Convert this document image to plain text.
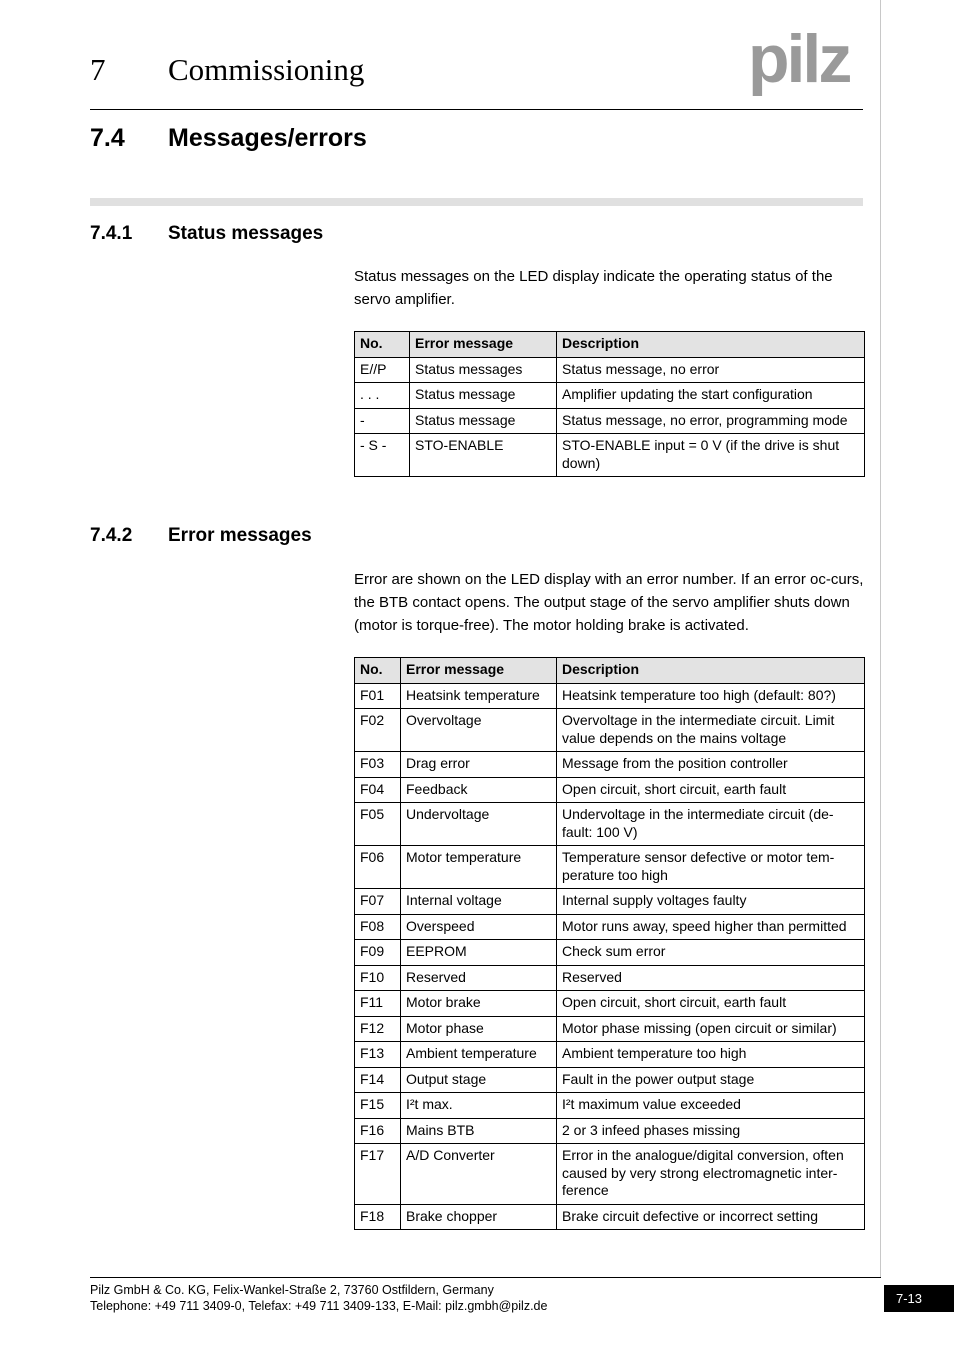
7 Commissioning	pilz
7.4 Messages/errors
7.4.1 Status messages
Status messages on the LED display indicate the operating status of the servo amplifier.
No.	Error message	Description
E//P	Status messages	Status message, no error
. . .	Status message	Amplifier updating the start configuration
-	Status message	Status message, no error, programming mode
- S -	STO-ENABLE	STO-ENABLE input = 0 V (if the drive is shut down)
7.4.2 Error messages
Error are shown on the LED display with an error number. If an error oc-curs, the BTB contact opens. The output stage of the servo amplifier shuts down (motor is torque-free). The motor holding brake is activated.
No.	Error message	Description
F01	Heatsink temperature	Heatsink temperature too high (default: 80?)
F02	Overvoltage	Overvoltage in the intermediate circuit. Limit value depends on the mains voltage
F03	Drag error	Message from the position controller
F04	Feedback	Open circuit, short circuit, earth fault
F05	Undervoltage	Undervoltage in the intermediate circuit (de-fault: 100 V)
F06	Motor temperature	Temperature sensor defective or motor tem-perature too high
F07	Internal voltage	Internal supply voltages faulty
F08	Overspeed	Motor runs away, speed higher than permitted
F09	EEPROM	Check sum error
F10	Reserved	Reserved
F11	Motor brake	Open circuit, short circuit, earth fault
F12	Motor phase	Motor phase missing (open circuit or similar)
F13	Ambient temperature	Ambient temperature too high
F14	Output stage	Fault in the power output stage
F15	I²t max.	I²t maximum value exceeded
F16	Mains BTB	2 or 3 infeed phases missing
F17	A/D Converter	Error in the analogue/digital conversion, often caused by very strong electromagnetic inter-ference
F18	Brake chopper	Brake circuit defective or incorrect setting
Pilz GmbH & Co. KG, Felix-Wankel-Straße 2, 73760 Ostfildern, Germany
Telephone: +49 711 3409-0, Telefax: +49 711 3409-133, E-Mail: pilz.gmbh@pilz.de	7-13
